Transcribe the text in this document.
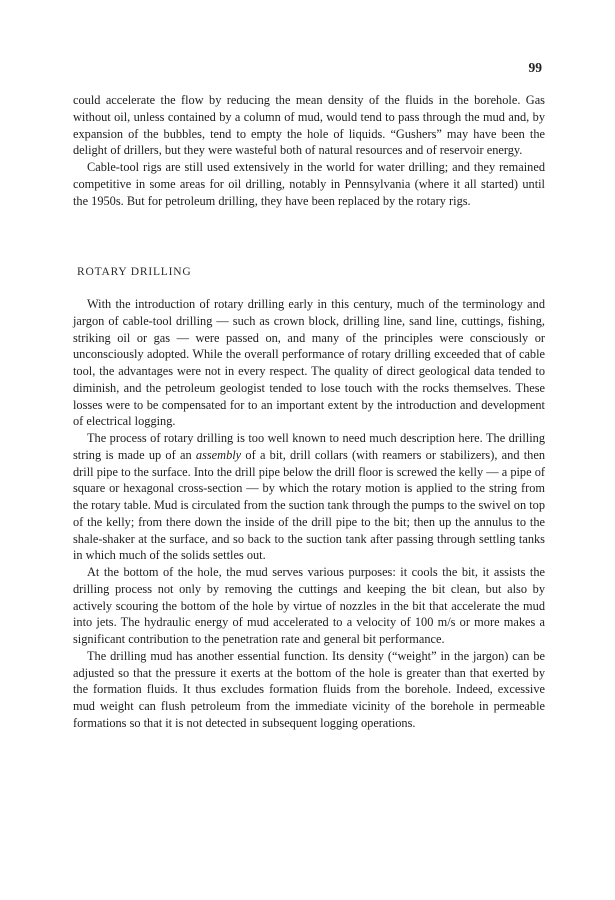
99

could accelerate the flow by reducing the mean density of the fluids in the borehole. Gas without oil, unless contained by a column of mud, would tend to pass through the mud and, by expansion of the bubbles, tend to empty the hole of liquids. “Gushers” may have been the delight of drillers, but they were wasteful both of natural resources and of reservoir energy.

Cable-tool rigs are still used extensively in the world for water drilling; and they remained competitive in some areas for oil drilling, notably in Pennsylvania (where it all started) until the 1950s. But for petroleum drilling, they have been replaced by the rotary rigs.

ROTARY DRILLING

With the introduction of rotary drilling early in this century, much of the terminology and jargon of cable-tool drilling — such as crown block, drilling line, sand line, cuttings, fishing, striking oil or gas — were passed on, and many of the principles were consciously or unconsciously adopted. While the overall performance of rotary drilling exceeded that of cable tool, the advantages were not in every respect. The quality of direct geological data tended to diminish, and the petroleum geologist tended to lose touch with the rocks themselves. These losses were to be compensated for to an important extent by the introduction and development of electrical logging.

The process of rotary drilling is too well known to need much description here. The drilling string is made up of an assembly of a bit, drill collars (with reamers or stabilizers), and then drill pipe to the surface. Into the drill pipe below the drill floor is screwed the kelly — a pipe of square or hexagonal cross-section — by which the rotary motion is applied to the string from the rotary table. Mud is circulated from the suction tank through the pumps to the swivel on top of the kelly; from there down the inside of the drill pipe to the bit; then up the annulus to the shale-shaker at the surface, and so back to the suction tank after passing through settling tanks in which much of the solids settles out.

At the bottom of the hole, the mud serves various purposes: it cools the bit, it assists the drilling process not only by removing the cuttings and keeping the bit clean, but also by actively scouring the bottom of the hole by virtue of nozzles in the bit that accelerate the mud into jets. The hydraulic energy of mud accelerated to a velocity of 100 m/s or more makes a significant contribution to the penetration rate and general bit performance.

The drilling mud has another essential function. Its density (“weight” in the jargon) can be adjusted so that the pressure it exerts at the bottom of the hole is greater than that exerted by the formation fluids. It thus excludes formation fluids from the borehole. Indeed, excessive mud weight can flush petroleum from the immediate vicinity of the borehole in permeable formations so that it is not detected in subsequent logging operations.
